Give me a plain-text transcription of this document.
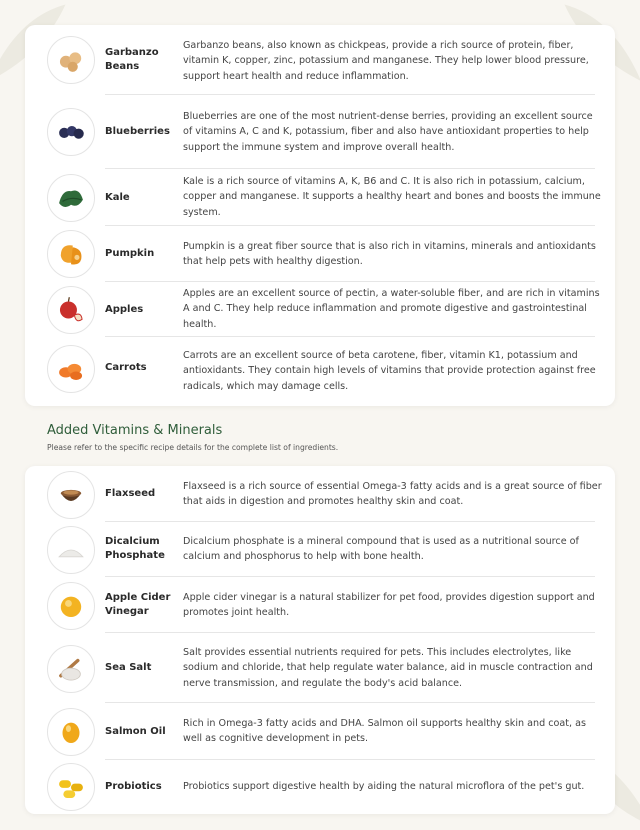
Garbanzo Beans
Garbanzo beans, also known as chickpeas, provide a rich source of protein, fiber, vitamin K, copper, zinc, potassium and manganese. They help lower blood pressure, support heart health and reduce inflammation.
Blueberries
Blueberries are one of the most nutrient-dense berries, providing an excellent source of vitamins A, C and K, potassium, fiber and also have antioxidant properties to help support the immune system and improve overall health.
Kale
Kale is a rich source of vitamins A, K, B6 and C. It is also rich in potassium, calcium, copper and manganese. It supports a healthy heart and bones and boosts the immune system.
Pumpkin
Pumpkin is a great fiber source that is also rich in vitamins, minerals and antioxidants that help pets with healthy digestion.
Apples
Apples are an excellent source of pectin, a water-soluble fiber, and are rich in vitamins A and C. They help reduce inflammation and promote digestive and gastrointestinal health.
Carrots
Carrots are an excellent source of beta carotene, fiber, vitamin K1, potassium and antioxidants. They contain high levels of vitamins that provide protection against free radicals, which may damage cells.
Added Vitamins & Minerals
Please refer to the specific recipe details for the complete list of ingredients.
Flaxseed
Flaxseed is a rich source of essential Omega-3 fatty acids and is a great source of fiber that aids in digestion and promotes healthy skin and coat.
Dicalcium Phosphate
Dicalcium phosphate is a mineral compound that is used as a nutritional source of calcium and phosphorus to help with bone health.
Apple Cider Vinegar
Apple cider vinegar is a natural stabilizer for pet food, provides digestion support and promotes joint health.
Sea Salt
Salt provides essential nutrients required for pets. This includes electrolytes, like sodium and chloride, that help regulate water balance, aid in muscle contraction and nerve transmission, and regulate the body's acid balance.
Salmon Oil
Rich in Omega-3 fatty acids and DHA. Salmon oil supports healthy skin and coat, as well as cognitive development in pets.
Probiotics	Probiotics support digestive health by aiding the natural microflora of the pet's gut.
